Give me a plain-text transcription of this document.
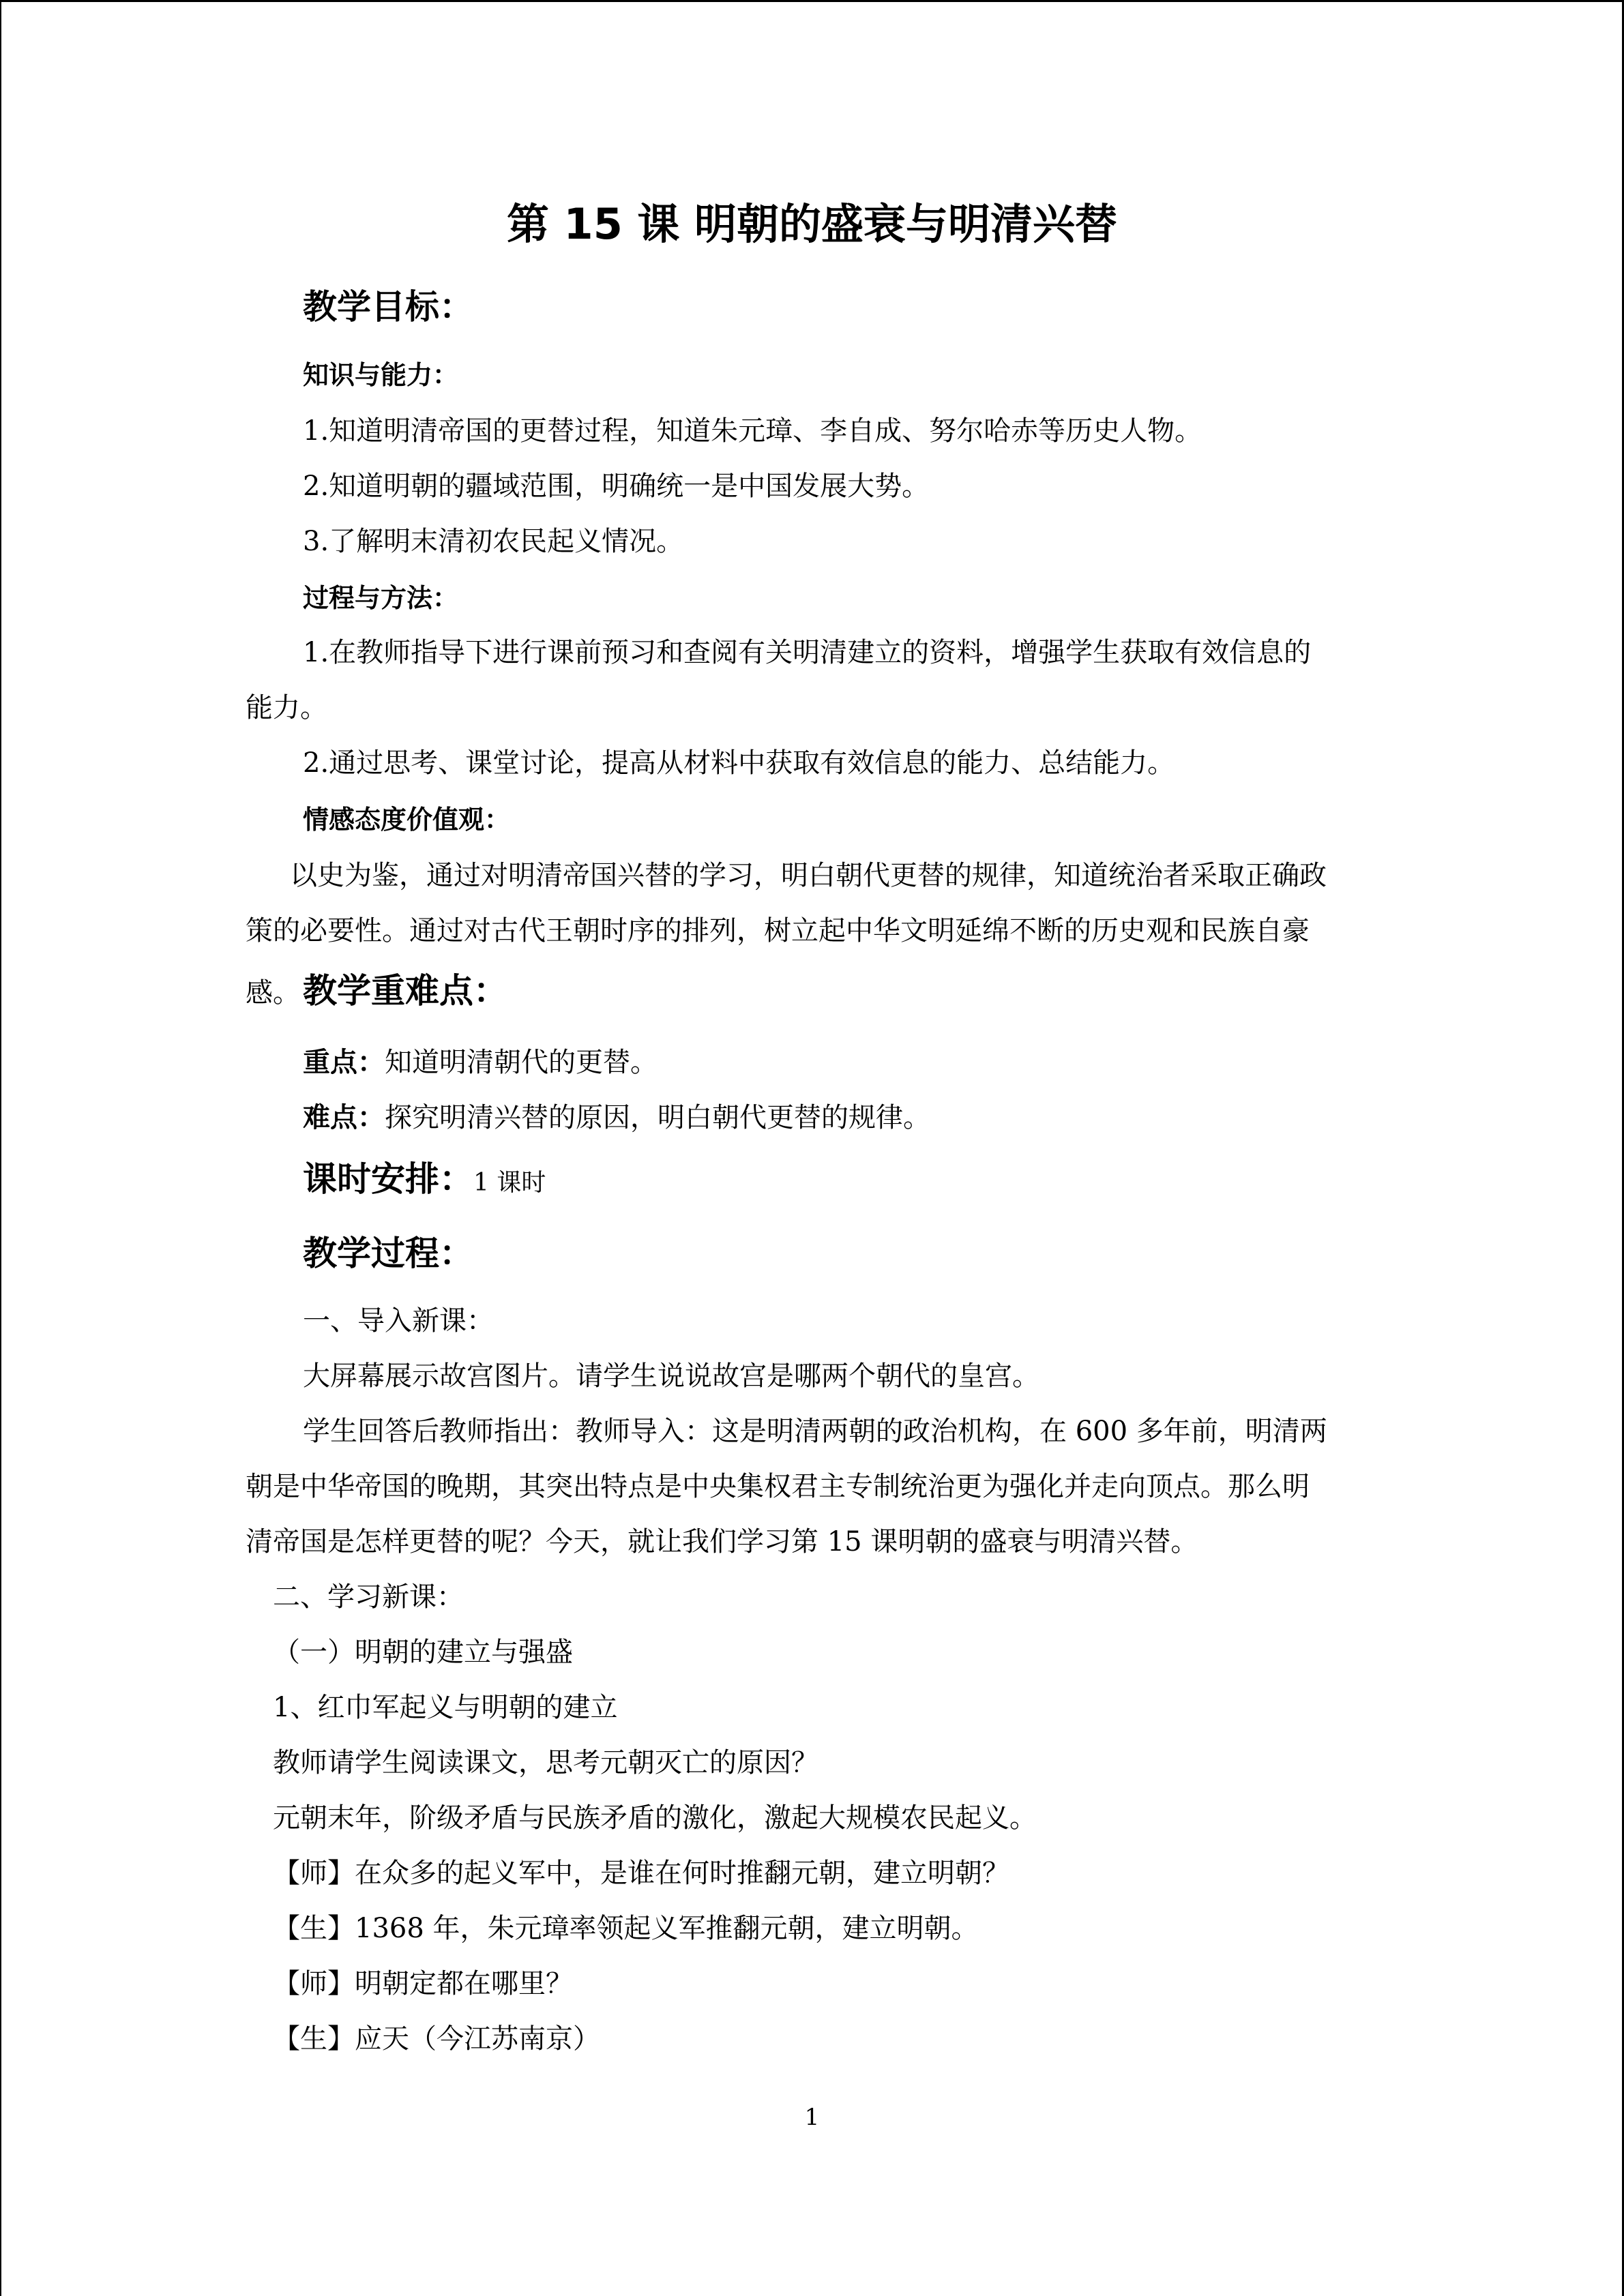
第 15 课 明朝的盛衰与明清兴替
教学目标：
知识与能力：
1.知道明清帝国的更替过程，知道朱元璋、李自成、努尔哈赤等历史人物。
2.知道明朝的疆域范围，明确统一是中国发展大势。
3.了解明末清初农民起义情况。
过程与方法：
1.在教师指导下进行课前预习和查阅有关明清建立的资料，增强学生获取有效信息的
能力。
2.通过思考、课堂讨论，提高从材料中获取有效信息的能力、总结能力。
情感态度价值观：
以史为鉴，通过对明清帝国兴替的学习，明白朝代更替的规律，知道统治者采取正确政
策的必要性。通过对古代王朝时序的排列，树立起中华文明延绵不断的历史观和民族自豪
感。 教学重难点：
重点：知道明清朝代的更替。
难点：探究明清兴替的原因，明白朝代更替的规律。
课时安排：1 课时
教学过程：
一、导入新课：
大屏幕展示故宫图片。请学生说说故宫是哪两个朝代的皇宫。
学生回答后教师指出：教师导入：这是明清两朝的政治机构，在 600 多年前，明清两
朝是中华帝国的晚期，其突出特点是中央集权君主专制统治更为强化并走向顶点。那么明
清帝国是怎样更替的呢？今天，就让我们学习第 15 课明朝的盛衰与明清兴替。
二、学习新课：
（一）明朝的建立与强盛
1、红巾军起义与明朝的建立
教师请学生阅读课文，思考元朝灭亡的原因？
元朝末年，阶级矛盾与民族矛盾的激化，激起大规模农民起义。
【师】在众多的起义军中，是谁在何时推翻元朝，建立明朝？
【生】1368 年，朱元璋率领起义军推翻元朝，建立明朝。
【师】明朝定都在哪里？
【生】应天（今江苏南京）
1
